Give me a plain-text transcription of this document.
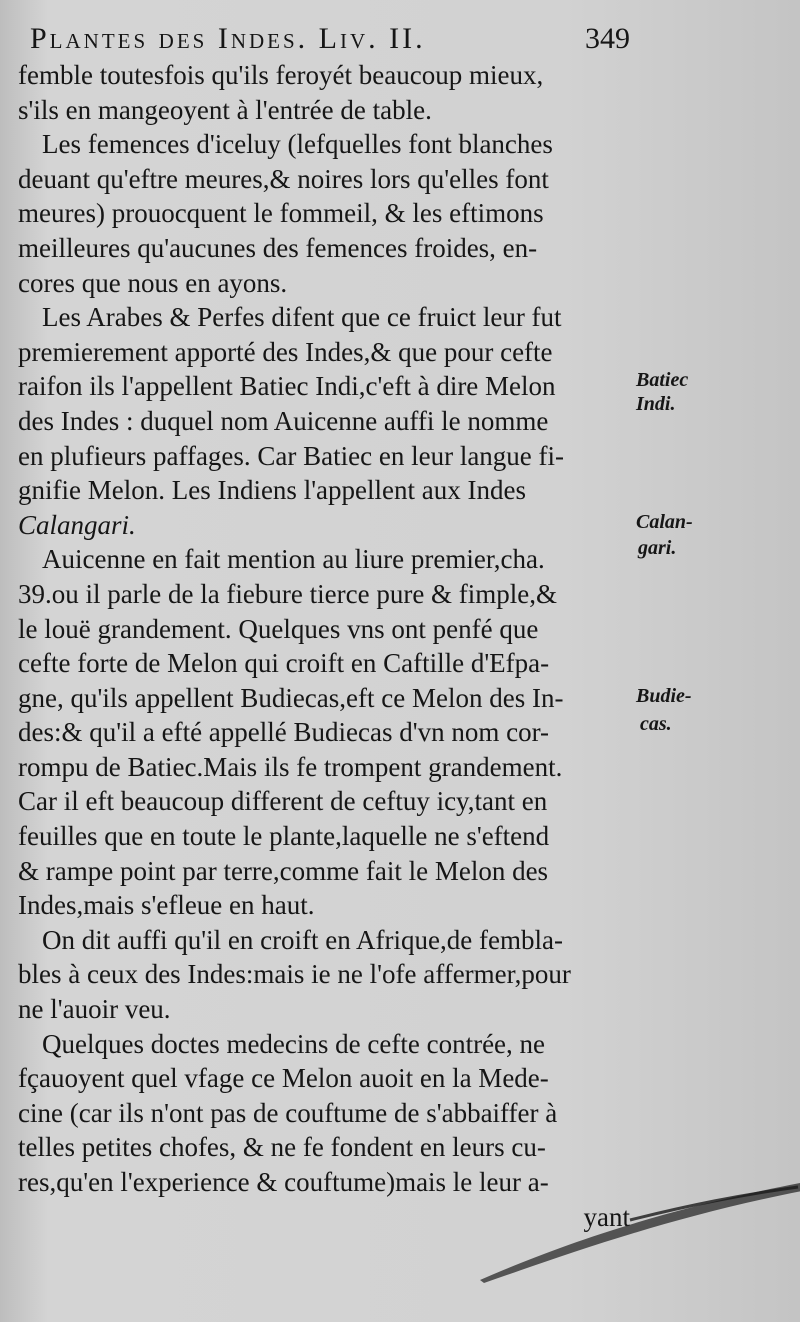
Plantes des Indes. Liv. II.	349
femble toutesfois qu'ils feroyét beaucoup mieux,
s'ils en mangeoyent à l'entrée de table.
Les femences d'iceluy (lefquelles font blanches
deuant qu'eftre meures,& noires lors qu'elles font
meures) prouocquent le fommeil, & les eftimons
meilleures qu'aucunes des femences froides, en-
cores que nous en ayons.
Les Arabes & Perfes difent que ce fruict leur fut
premierement apporté des Indes,& que pour cefte
raifon ils l'appellent Batiec Indi,c'eft à dire Melon
des Indes : duquel nom Auicenne auffi le nomme
en plufieurs paffages. Car Batiec en leur langue fi-
gnifie Melon. Les Indiens l'appellent aux Indes
Calangari.
Auicenne en fait mention au liure premier,cha.
39.ou il parle de la fiebure tierce pure & fimple,&
le louë grandement. Quelques vns ont penfé que
cefte forte de Melon qui croift en Caftille d'Efpa-
gne, qu'ils appellent Budiecas,eft ce Melon des In-
des:& qu'il a efté appellé Budiecas d'vn nom cor-
rompu de Batiec.Mais ils fe trompent grandement.
Car il eft beaucoup different de ceftuy icy,tant en
feuilles que en toute le plante,laquelle ne s'eftend
& rampe point par terre,comme fait le Melon des
Indes,mais s'efleue en haut.
On dit auffi qu'il en croift en Afrique,de fembla-
bles à ceux des Indes:mais ie ne l'ofe affermer,pour
ne l'auoir veu.
Quelques doctes medecins de cefte contrée, ne
fçauoyent quel vfage ce Melon auoit en la Mede-
cine (car ils n'ont pas de couftume de s'abbaiffer à
telles petites chofes, & ne fe fondent en leurs cu-
res,qu'en l'experience & couftume)mais le leur a-
yant
Batiec
Indi.
Calan-
gari.
Budie-
cas.
